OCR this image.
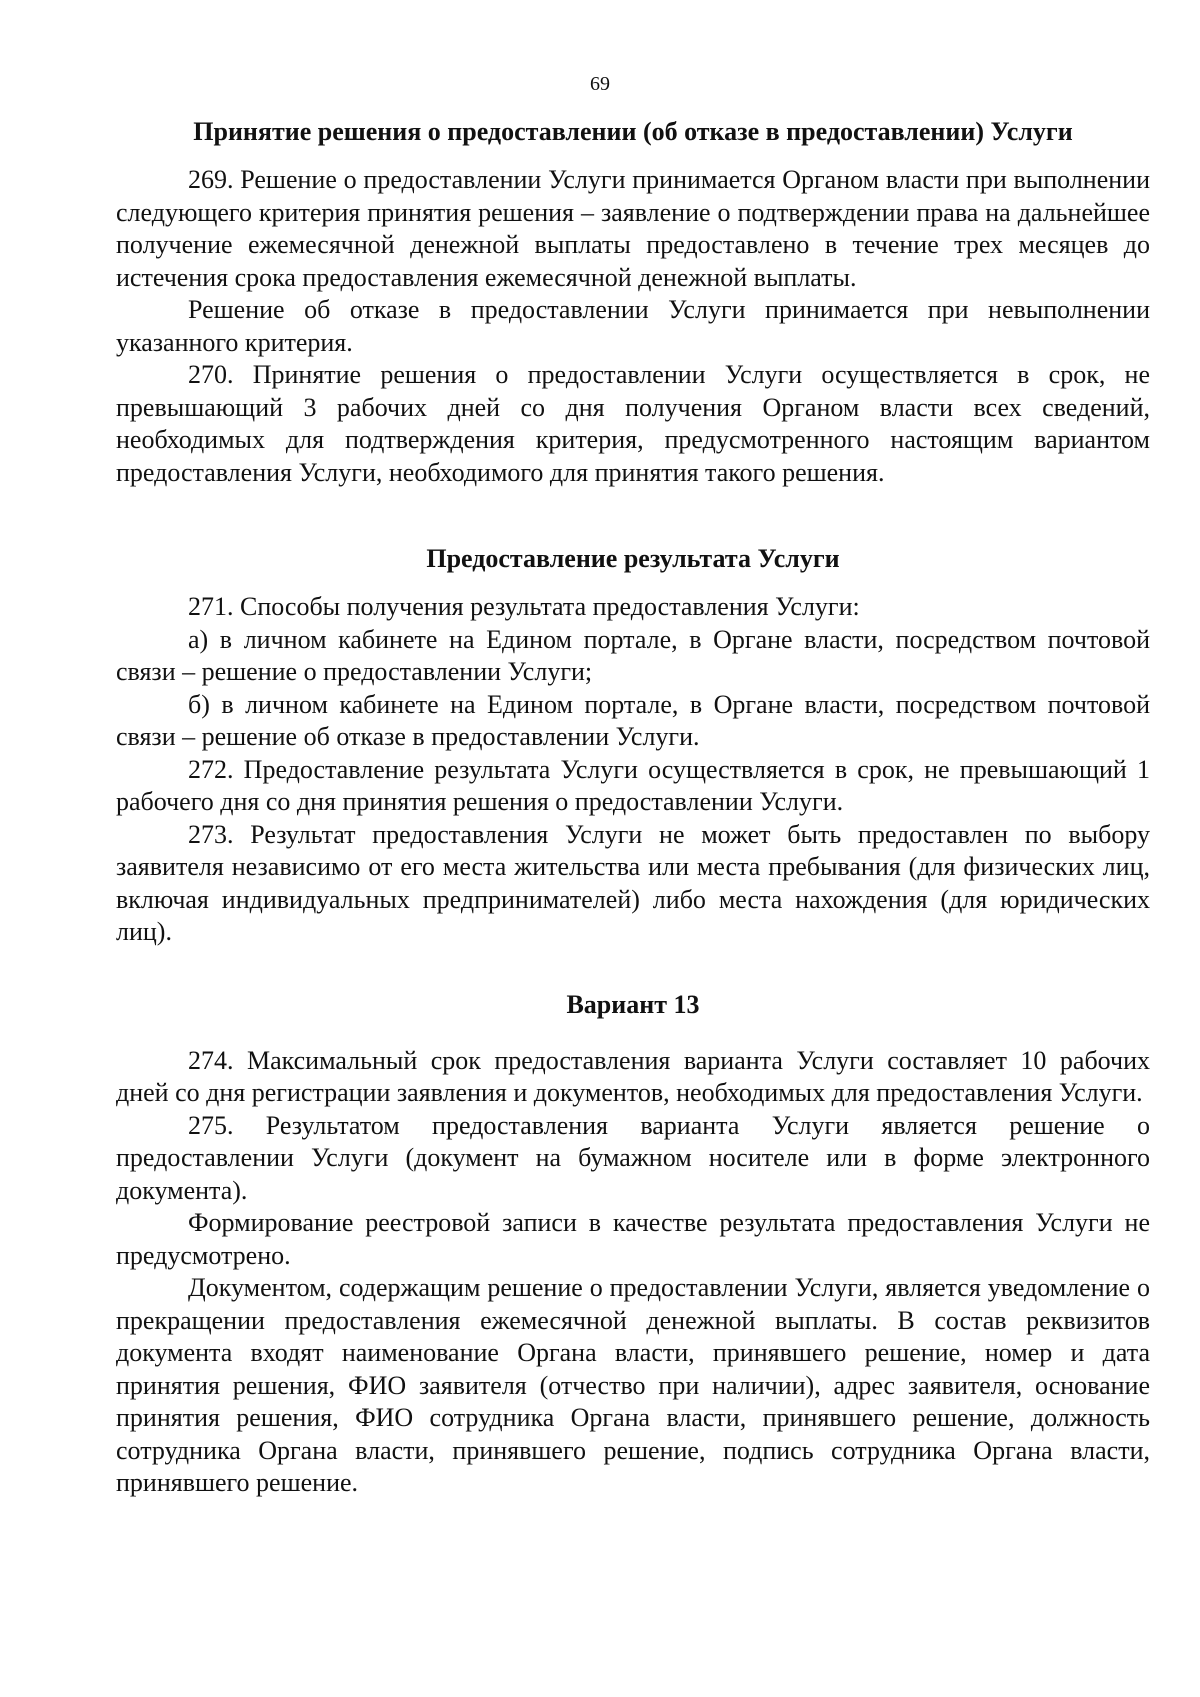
69
Принятие решения о предоставлении (об отказе в предоставлении) Услуги

269. Решение о предоставлении Услуги принимается Органом власти при выполнении следующего критерия принятия решения – заявление о подтверждении права на дальнейшее получение ежемесячной денежной выплаты предоставлено в течение трех месяцев до истечения срока предоставления ежемесячной денежной выплаты.

Решение об отказе в предоставлении Услуги принимается при невыполнении указанного критерия.

270. Принятие решения о предоставлении Услуги осуществляется в срок, не превышающий 3 рабочих дней со дня получения Органом власти всех сведений, необходимых для подтверждения критерия, предусмотренного настоящим вариантом предоставления Услуги, необходимого для принятия такого решения.

Предоставление результата Услуги

271. Способы получения результата предоставления Услуги:

а) в личном кабинете на Едином портале, в Органе власти, посредством почтовой связи – решение о предоставлении Услуги;

б) в личном кабинете на Едином портале, в Органе власти, посредством почтовой связи – решение об отказе в предоставлении Услуги.

272. Предоставление результата Услуги осуществляется в срок, не превышающий 1 рабочего дня со дня принятия решения о предоставлении Услуги.

273. Результат предоставления Услуги не может быть предоставлен по выбору заявителя независимо от его места жительства или места пребывания (для физических лиц, включая индивидуальных предпринимателей) либо места нахождения (для юридических лиц).

Вариант 13

274. Максимальный срок предоставления варианта Услуги составляет 10 рабочих дней со дня регистрации заявления и документов, необходимых для предоставления Услуги.

275. Результатом предоставления варианта Услуги является решение о предоставлении Услуги (документ на бумажном носителе или в форме электронного документа).

Формирование реестровой записи в качестве результата предоставления Услуги не предусмотрено.

Документом, содержащим решение о предоставлении Услуги, является уведомление о прекращении предоставления ежемесячной денежной выплаты. В состав реквизитов документа входят наименование Органа власти, принявшего решение, номер и дата принятия решения, ФИО заявителя (отчество при наличии), адрес заявителя, основание принятия решения, ФИО сотрудника Органа власти, принявшего решение, должность сотрудника Органа власти, принявшего решение, подпись сотрудника Органа власти, принявшего решение.
